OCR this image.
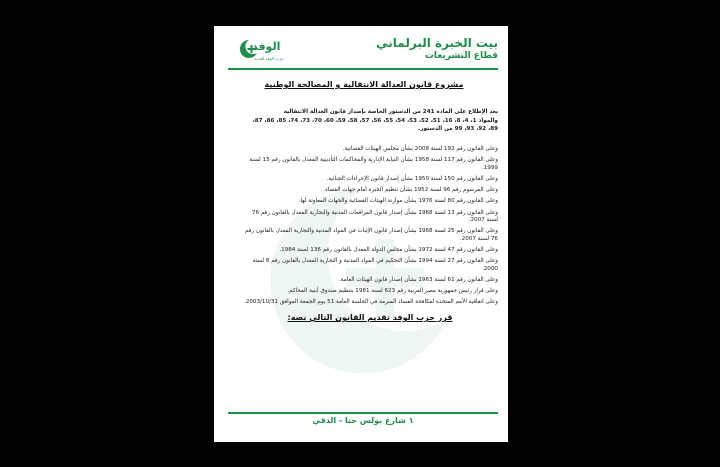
الوفد
حزب الوفد الجديد
بيت الخبرة البرلماني
قطاع التشريعات
مشروع قانون العدالة الانتقالية و المصالحة الوطنية
بعد الإطلاع على المادة 241 من الدستور الخاصة بإصدار قانون العدالة الانتقالية
والمواد 1، 4، 8، 16، 51، 52، 53، 54، 55، 56، 57، 58، 59، 60، 70، 73، 74، 85، 86، 87، 89، 92، 93، 99 من الدستور.
وعلى القانون رقم 192 لسنة 2008 بشأن مجلس الهيئات القضائية.
وعلى القانون رقم 117 لسنة 1958 بشأن النيابة الإدارية والمحاكمات التأديبية المعدل بالقانون رقم 15 لسنة 1999.
وعلى القانون رقم 150 لسنة 1950 بشأن إصدار قانون الإجراءات الجنائية.
وعلى المرسوم رقم 96 لسنة 1952 بشأن تنظيم الخبرة أمام جهات القضاء.
وعلى القانون رقم 80 لسنة 1976 بشأن موازنة الهيئات القضائية والجهات المعاونة لها.
وعلى القانون رقم 13 لسنة 1968 بشأن إصدار قانون المرافعات المدنية والتجارية المعدل بالقانون رقم 76 لسنة 2007.
وعلى القانون رقم 25 لسنة 1968 بشأن إصدار قانون الإثبات في المواد المدنية والتجارية المعدل بالقانون رقم 76 لسنة 2007.
وعلى القانون رقم 47 لسنة 1972 بشأن مجلس الدولة المعدل بالقانون رقم 136 لسنة 1984.
وعلى القانون رقم 27 لسنة 1994 بشأن التحكيم في المواد المدنية و التجارية المعدل بالقانون رقم 8 لسنة 2000.
وعلى القانون رقم 61 لسنة 1963 بشأن إصدار قانون الهيئات العامة.
وعلى قرار رئيس جمهورية مصر العربية رقم 623 لسنة 1981 بتنظيم صندوق أبنية المحاكم.
وعلى اتفاقية الأمم المتحدة لمكافحة الفساد المبرمة في الجلسة العامة 51 يوم الجمعة الموافق 2003/10/31.
قرر حزب الوفد تقديم القانون التالي نصه:
١ شارع بولس حنا - الدقي
